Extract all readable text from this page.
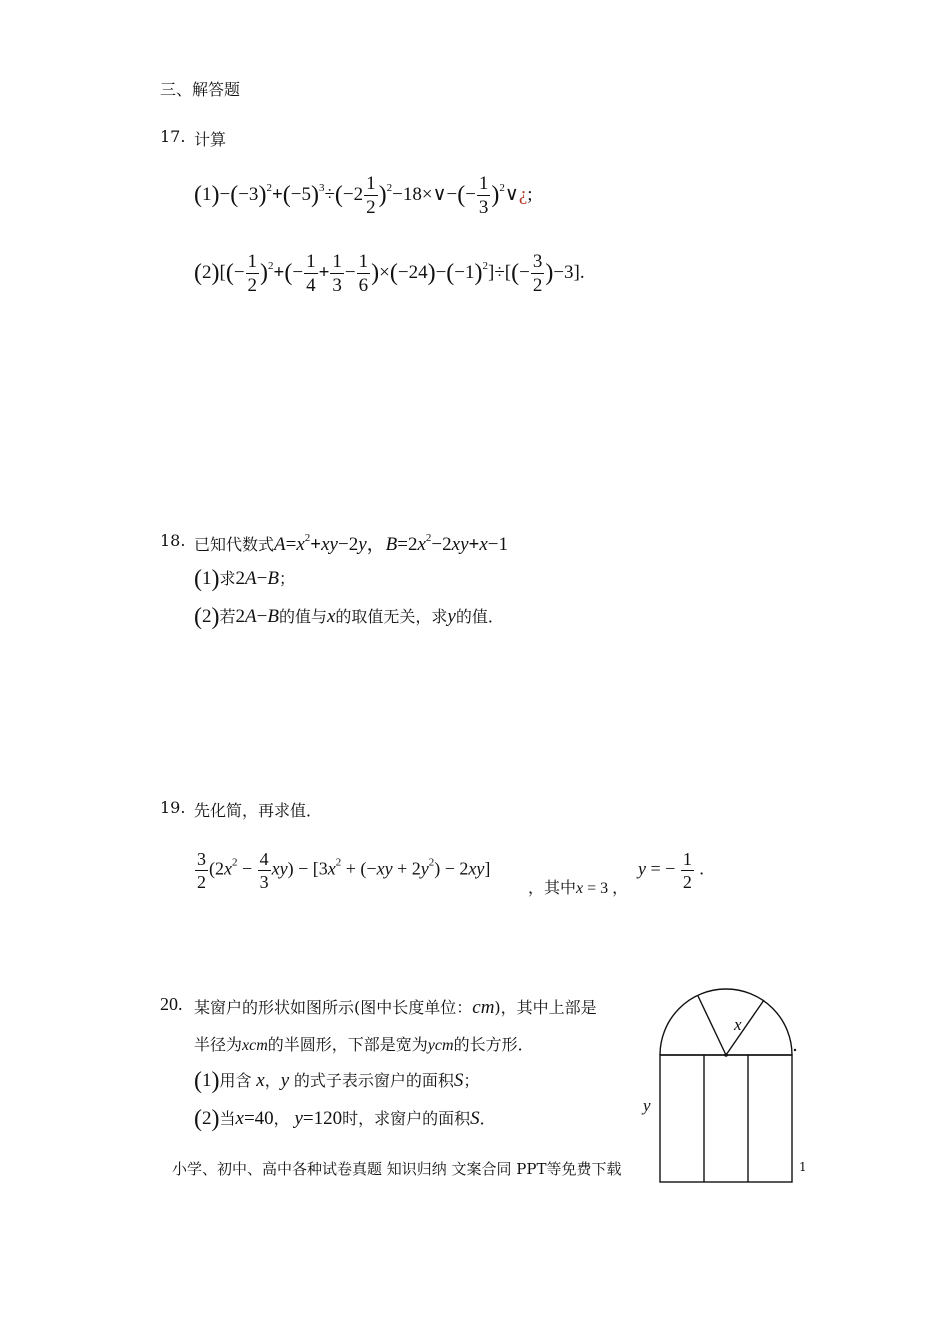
三、解答题
17. 计算
$(1)-(-3)^2+(-5)^3\div(-2 \frac{1}{2}$ )$^2-18\times\vee-(- \frac{1}{3}$ )$^2$∨¿;
$(2)[(- \frac{1}{2} )^2+(- \frac{1}{4} + \frac{1}{3} - \frac{1}{6} )\times(-24)-(-1)^2]\div[(- \frac{3}{2} )-3]$.
18. 已知代数式$A=x^2+xy-2y$，$B=2x^2-2xy+x-1$
(1)求2A−B；
(2)若2A−B的值与x的取值无关，求y的值．
19. 先化简，再求值．
$\frac{3}{2} (2x^2 - \frac{4}{3} xy) - [3x^2 + (-xy + 2y^2) - 2xy]$
，其中x = 3 ，
y = − $\frac{1}{2}$ .
20. 某窗户的形状如图所示(图中长度单位：cm)，其中上部是
半径为xcm的半圆形，下部是宽为ycm的长方形．
(1)用含 x，y 的式子表示窗户的面积S；
(2)当x=40， y=120时，求窗户的面积S．
小学、初中、高中各种试卷真题 知识归纳 文案合同 PPT等免费下载	1
x
y
